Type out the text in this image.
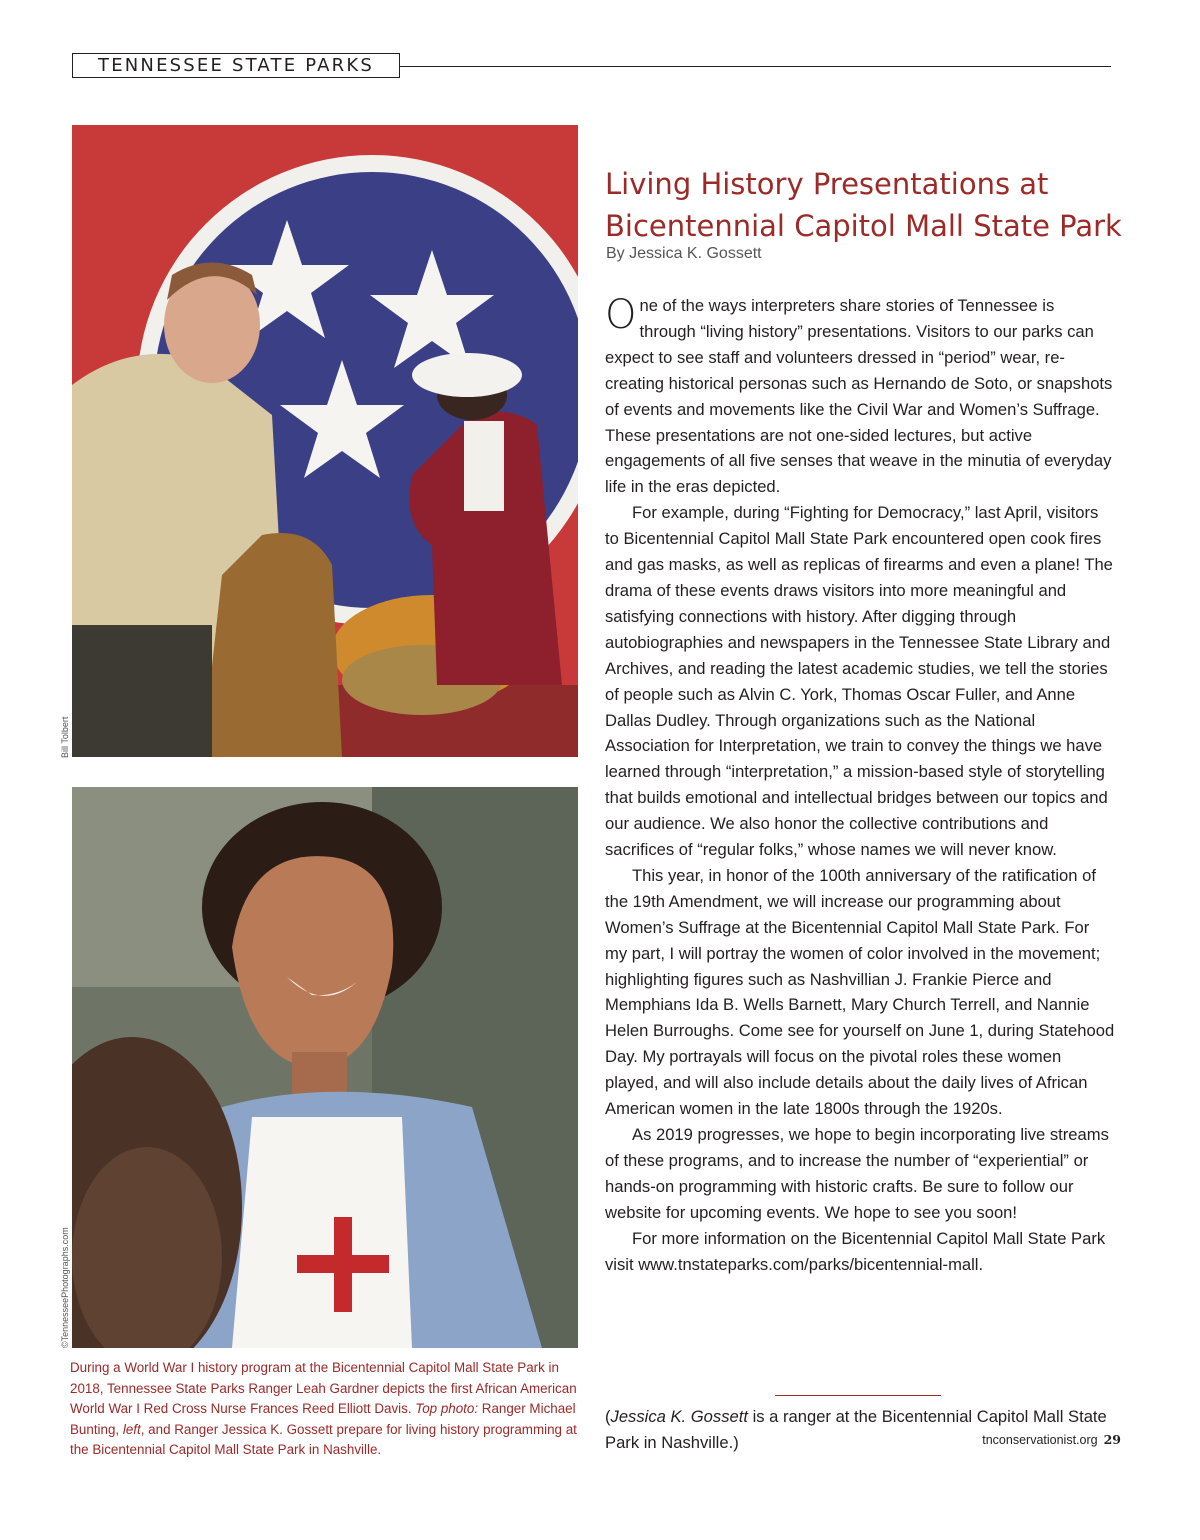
TENNESSEE STATE PARKS
Bill Tolbert
©TennesseePhotographs.com
During a World War I history program at the Bicentennial Capitol Mall State Park in 2018, Tennessee State Parks Ranger Leah Gardner depicts the first African American World War I Red Cross Nurse Frances Reed Elliott Davis. Top photo: Ranger Michael Bunting, left, and Ranger Jessica K. Gossett prepare for living history programming at the Bicentennial Capitol Mall State Park in Nashville.
Living History Presentations at Bicentennial Capitol Mall State Park
By Jessica K. Gossett

One of the ways interpreters share stories of Tennessee is through “living history” presentations. Visitors to our parks can expect to see staff and volunteers dressed in “period” wear, re-creating historical personas such as Hernando de Soto, or snapshots of events and movements like the Civil War and Women’s Suffrage. These presentations are not one-sided lectures, but active engagements of all five senses that weave in the minutia of everyday life in the eras depicted.

For example, during “Fighting for Democracy,” last April, visitors to Bicentennial Capitol Mall State Park encountered open cook fires and gas masks, as well as replicas of firearms and even a plane! The drama of these events draws visitors into more meaningful and satisfying connections with history. After digging through autobiographies and newspapers in the Tennessee State Library and Archives, and reading the latest academic studies, we tell the stories of people such as Alvin C. York, Thomas Oscar Fuller, and Anne Dallas Dudley. Through organizations such as the National Association for Interpretation, we train to convey the things we have learned through “interpretation,” a mission-based style of storytelling that builds emotional and intellectual bridges between our topics and our audience. We also honor the collective contributions and sacrifices of “regular folks,” whose names we will never know.

This year, in honor of the 100th anniversary of the ratification of the 19th Amendment, we will increase our programming about Women’s Suffrage at the Bicentennial Capitol Mall State Park. For my part, I will portray the women of color involved in the movement; highlighting figures such as Nashvillian J. Frankie Pierce and Memphians Ida B. Wells Barnett, Mary Church Terrell, and Nannie Helen Burroughs. Come see for yourself on June 1, during Statehood Day. My portrayals will focus on the pivotal roles these women played, and will also include details about the daily lives of African American women in the late 1800s through the 1920s.

As 2019 progresses, we hope to begin incorporating live streams of these programs, and to increase the number of “experiential” or hands-on programming with historic crafts. Be sure to follow our website for upcoming events. We hope to see you soon!

For more information on the Bicentennial Capitol Mall State Park visit www.tnstateparks.com/parks/bicentennial-mall.

(Jessica K. Gossett is a ranger at the Bicentennial Capitol Mall State Park in Nashville.)	tnconservationist.org 29
